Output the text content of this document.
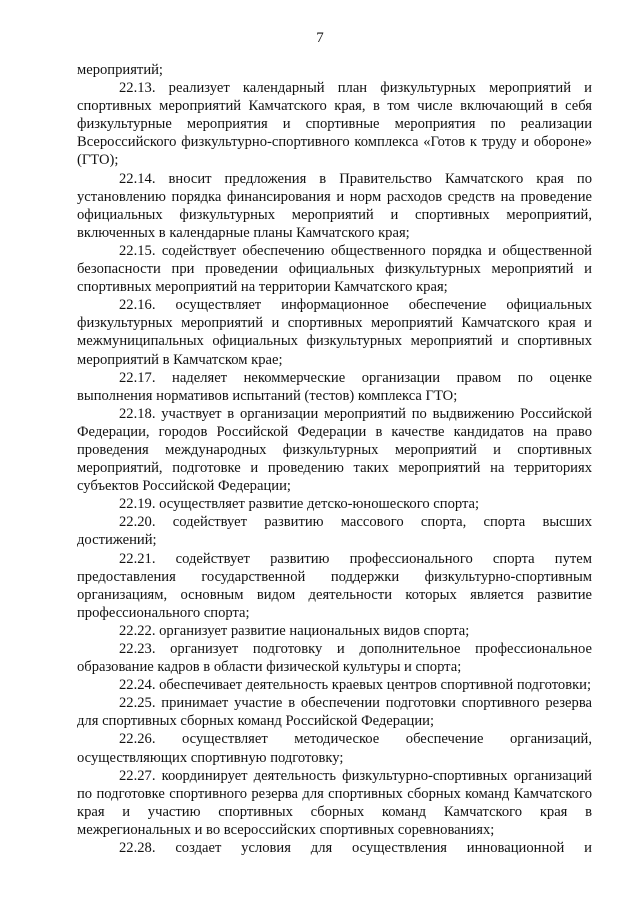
7

мероприятий;

22.13. реализует календарный план физкультурных мероприятий и спортивных мероприятий Камчатского края, в том числе включающий в себя физкультурные мероприятия и спортивные мероприятия по реализации Всероссийского физкультурно-спортивного комплекса «Готов к труду и обороне» (ГТО);

22.14. вносит предложения в Правительство Камчатского края по установлению порядка финансирования и норм расходов средств на проведение официальных физкультурных мероприятий и спортивных мероприятий, включенных в календарные планы Камчатского края;

22.15. содействует обеспечению общественного порядка и общественной безопасности при проведении официальных физкультурных мероприятий и спортивных мероприятий на территории Камчатского края;

22.16. осуществляет информационное обеспечение официальных физкультурных мероприятий и спортивных мероприятий Камчатского края и межмуниципальных официальных физкультурных мероприятий и спортивных мероприятий в Камчатском крае;

22.17. наделяет некоммерческие организации правом по оценке выполнения нормативов испытаний (тестов) комплекса ГТО;

22.18. участвует в организации мероприятий по выдвижению Российской Федерации, городов Российской Федерации в качестве кандидатов на право проведения международных физкультурных мероприятий и спортивных мероприятий, подготовке и проведению таких мероприятий на территориях субъектов Российской Федерации;

22.19. осуществляет развитие детско-юношеского спорта;

22.20. содействует развитию массового спорта, спорта высших достижений;

22.21. содействует развитию профессионального спорта путем предоставления государственной поддержки физкультурно-спортивным организациям, основным видом деятельности которых является развитие профессионального спорта;

22.22. организует развитие национальных видов спорта;

22.23. организует подготовку и дополнительное профессиональное образование кадров в области физической культуры и спорта;

22.24. обеспечивает деятельность краевых центров спортивной подготовки;

22.25. принимает участие в обеспечении подготовки спортивного резерва для спортивных сборных команд Российской Федерации;

22.26. осуществляет методическое обеспечение организаций, осуществляющих спортивную подготовку;

22.27. координирует деятельность физкультурно-спортивных организаций по подготовке спортивного резерва для спортивных сборных команд Камчатского края и участию спортивных сборных команд Камчатского края в межрегиональных и во всероссийских спортивных соревнованиях;

22.28. создает условия для осуществления инновационной и
